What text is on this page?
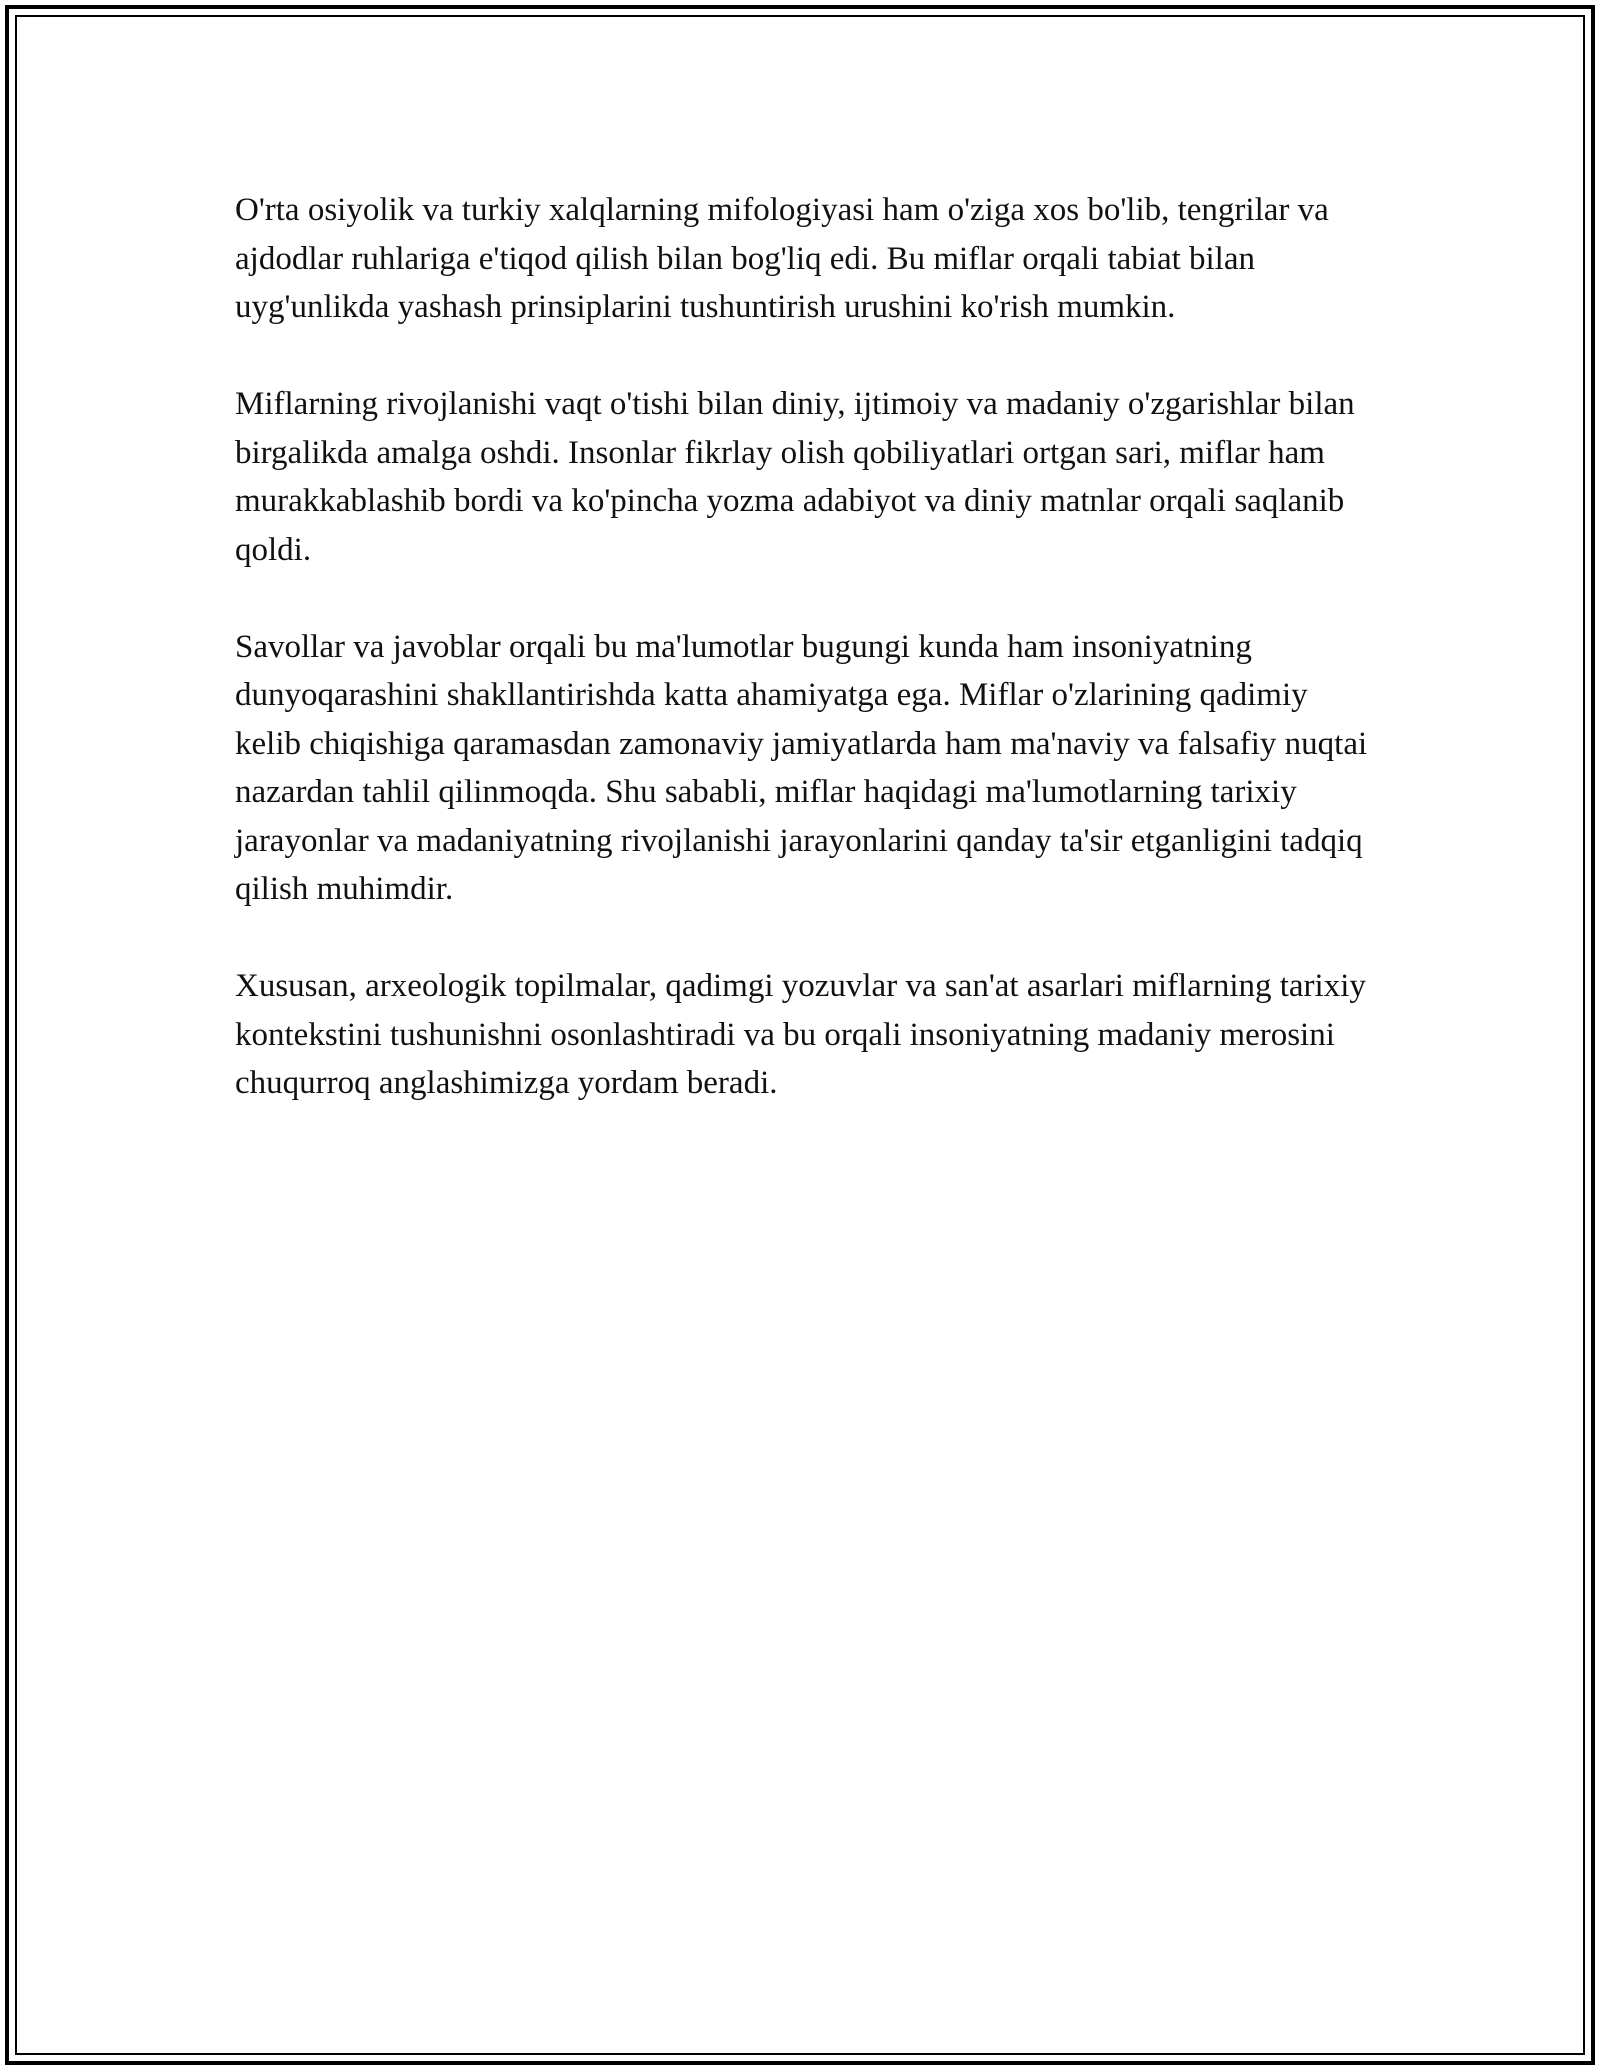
O'rta osiyolik va turkiy xalqlarning mifologiyasi ham o'ziga xos bo'lib, tengrilar va ajdodlar ruhlariga e'tiqod qilish bilan bog'liq edi. Bu miflar orqali tabiat bilan uyg'unlikda yashash prinsiplarini tushuntirish urushini ko'rish mumkin.

Miflarning rivojlanishi vaqt o'tishi bilan diniy, ijtimoiy va madaniy o'zgarishlar bilan birgalikda amalga oshdi. Insonlar fikrlay olish qobiliyatlari ortgan sari, miflar ham murakkablashib bordi va ko'pincha yozma adabiyot va diniy matnlar orqali saqlanib qoldi.

Savollar va javoblar orqali bu ma'lumotlar bugungi kunda ham insoniyatning dunyoqarashini shakllantirishda katta ahamiyatga ega. Miflar o'zlarining qadimiy kelib chiqishiga qaramasdan zamonaviy jamiyatlarda ham ma'naviy va falsafiy nuqtai nazardan tahlil qilinmoqda. Shu sababli, miflar haqidagi ma'lumotlarning tarixiy jarayonlar va madaniyatning rivojlanishi jarayonlarini qanday ta'sir etganligini tadqiq qilish muhimdir.

Xususan, arxeologik topilmalar, qadimgi yozuvlar va san'at asarlari miflarning tarixiy kontekstini tushunishni osonlashtiradi va bu orqali insoniyatning madaniy merosini chuqurroq anglashimizga yordam beradi.
